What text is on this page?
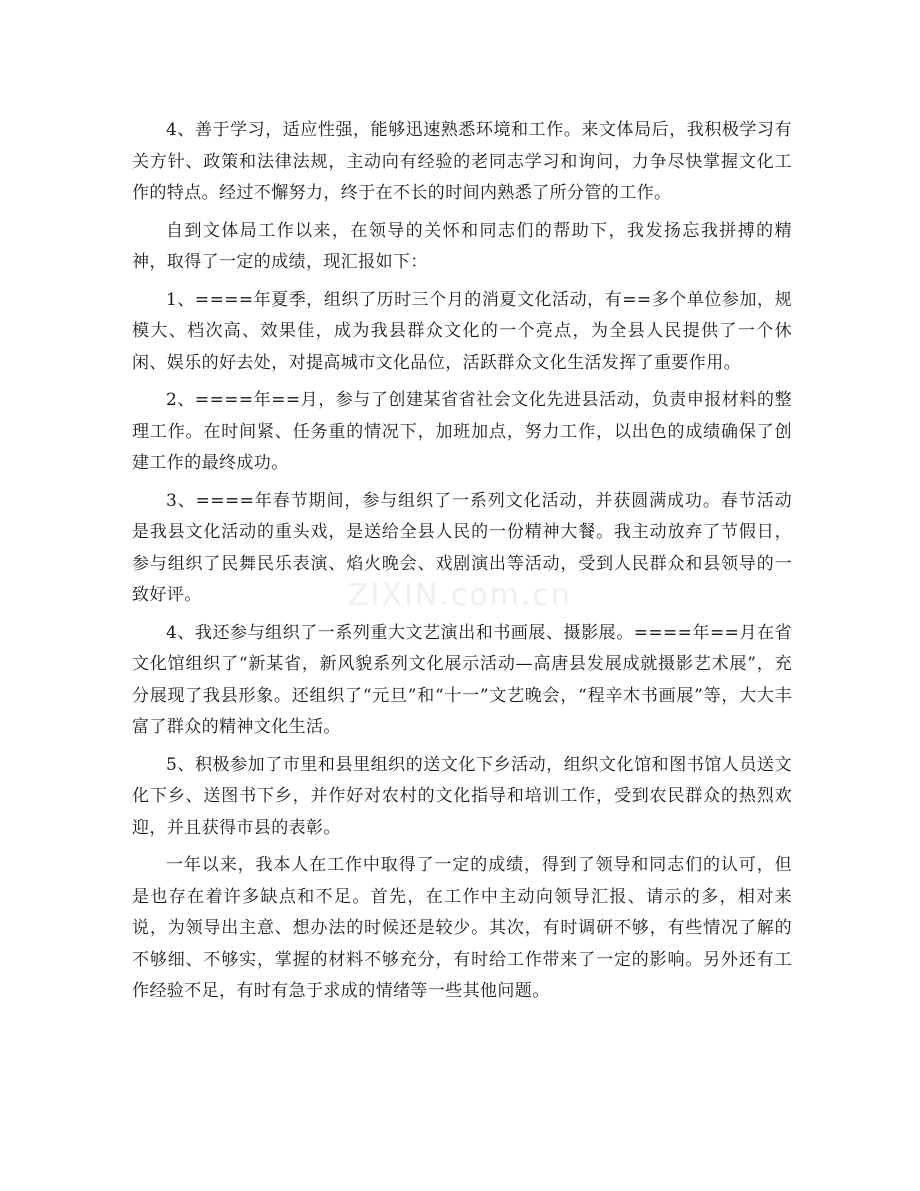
4、善于学习，适应性强，能够迅速熟悉环境和工作。来文体局后，我积极学习有关方针、政策和法律法规，主动向有经验的老同志学习和询问，力争尽快掌握文化工作的特点。经过不懈努力，终于在不长的时间内熟悉了所分管的工作。

自到文体局工作以来，在领导的关怀和同志们的帮助下，我发扬忘我拼搏的精神，取得了一定的成绩，现汇报如下：

1、====年夏季，组织了历时三个月的消夏文化活动，有==多个单位参加，规模大、档次高、效果佳，成为我县群众文化的一个亮点，为全县人民提供了一个休闲、娱乐的好去处，对提高城市文化品位，活跃群众文化生活发挥了重要作用。

2、====年==月，参与了创建某省省社会文化先进县活动，负责申报材料的整理工作。在时间紧、任务重的情况下，加班加点，努力工作，以出色的成绩确保了创建工作的最终成功。

3、====年春节期间，参与组织了一系列文化活动，并获圆满成功。春节活动是我县文化活动的重头戏，是送给全县人民的一份精神大餐。我主动放弃了节假日，参与组织了民舞民乐表演、焰火晚会、戏剧演出等活动，受到人民群众和县领导的一致好评。

4、我还参与组织了一系列重大文艺演出和书画展、摄影展。====年==月在省文化馆组织了“新某省，新风貌系列文化展示活动—高唐县发展成就摄影艺术展”，充分展现了我县形象。还组织了“元旦”和“十一”文艺晚会，“程辛木书画展”等，大大丰富了群众的精神文化生活。

5、积极参加了市里和县里组织的送文化下乡活动，组织文化馆和图书馆人员送文化下乡、送图书下乡，并作好对农村的文化指导和培训工作，受到农民群众的热烈欢迎，并且获得市县的表彰。

一年以来，我本人在工作中取得了一定的成绩，得到了领导和同志们的认可，但是也存在着许多缺点和不足。首先，在工作中主动向领导汇报、请示的多，相对来说，为领导出主意、想办法的时候还是较少。其次，有时调研不够，有些情况了解的不够细、不够实，掌握的材料不够充分，有时给工作带来了一定的影响。另外还有工作经验不足，有时有急于求成的情绪等一些其他问题。

ZIXIN.com.cn
